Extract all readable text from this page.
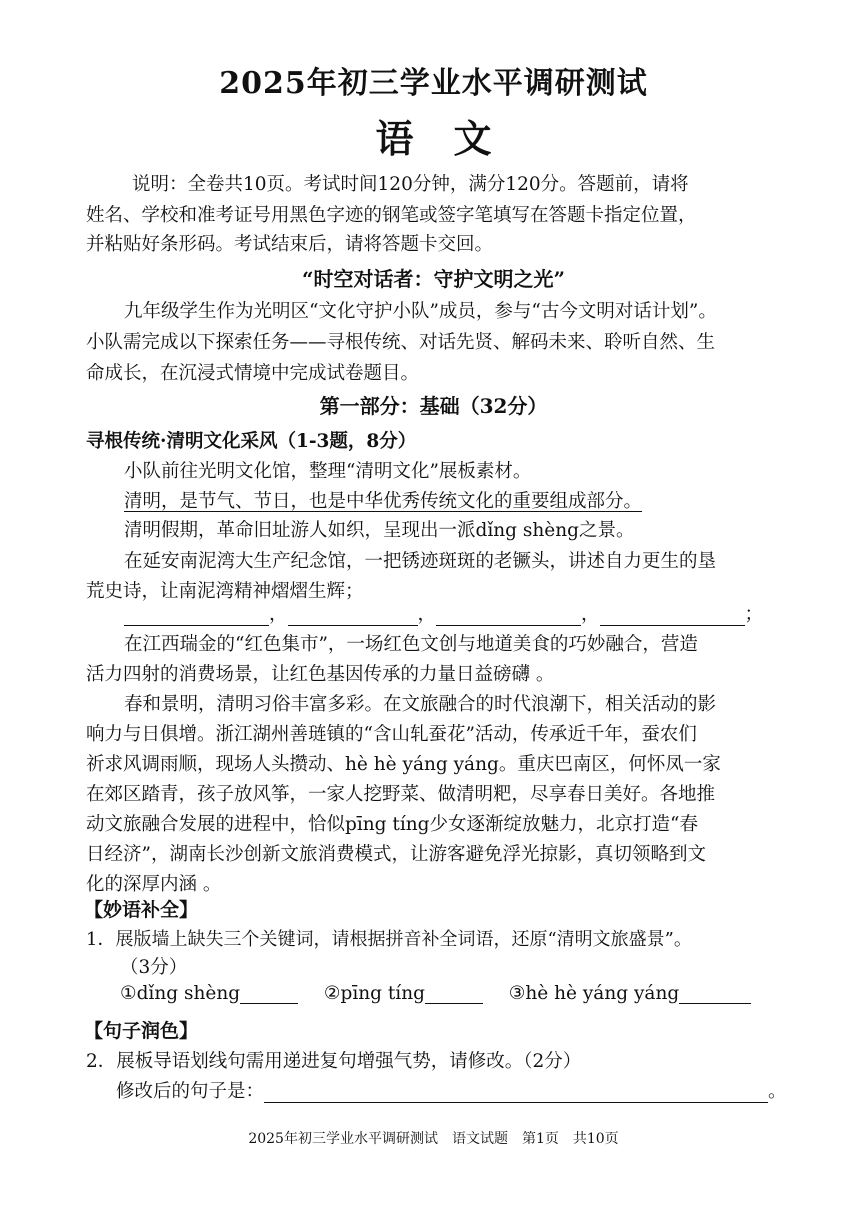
2025年初三学业水平调研测试
语文
说明：全卷共10页。考试时间120分钟，满分120分。答题前，请将
姓名、学校和准考证号用黑色字迹的钢笔或签字笔填写在答题卡指定位置，
并粘贴好条形码。考试结束后，请将答题卡交回。
“时空对话者：守护文明之光”
九年级学生作为光明区“文化守护小队”成员，参与“古今文明对话计划”。
小队需完成以下探索任务——寻根传统、对话先贤、解码未来、聆听自然、生
命成长，在沉浸式情境中完成试卷题目。
第一部分：基础（32分）
寻根传统·清明文化采风（1-3题，8分）
小队前往光明文化馆，整理“清明文化”展板素材。
清明，是节气、节日，也是中华优秀传统文化的重要组成部分。
清明假期，革命旧址游人如织，呈现出一派dǐng shèng之景。
在延安南泥湾大生产纪念馆，一把锈迹斑斑的老镢头，讲述自力更生的垦
荒史诗，让南泥湾精神熠熠生辉；
，	，	，	；
在江西瑞金的“红色集市”，一场红色文创与地道美食的巧妙融合，营造
活力四射的消费场景，让红色基因传承的力量日益磅礴 。
春和景明，清明习俗丰富多彩。在文旅融合的时代浪潮下，相关活动的影
响力与日俱增。浙江湖州善琏镇的“含山轧蚕花”活动，传承近千年，蚕农们
祈求风调雨顺，现场人头攒动、hè hè yáng yáng。重庆巴南区，何怀凤一家
在郊区踏青，孩子放风筝，一家人挖野菜、做清明粑，尽享春日美好。各地推
动文旅融合发展的进程中，恰似pīng tíng少女逐渐绽放魅力，北京打造“春
日经济”，湖南长沙创新文旅消费模式，让游客避免浮光掠影，真切领略到文
化的深厚内涵 。
【妙语补全】
1．展版墙上缺失三个关键词，请根据拼音补全词语，还原“清明文旅盛景”。
（3分）
①dǐng shèng	②pīng tíng	③hè hè yáng yáng
【句子润色】
2．展板导语划线句需用递进复句增强气势，请修改。（2分）
修改后的句子是：	。
2025年初三学业水平调研测试　语文试题　第1页　共10页
